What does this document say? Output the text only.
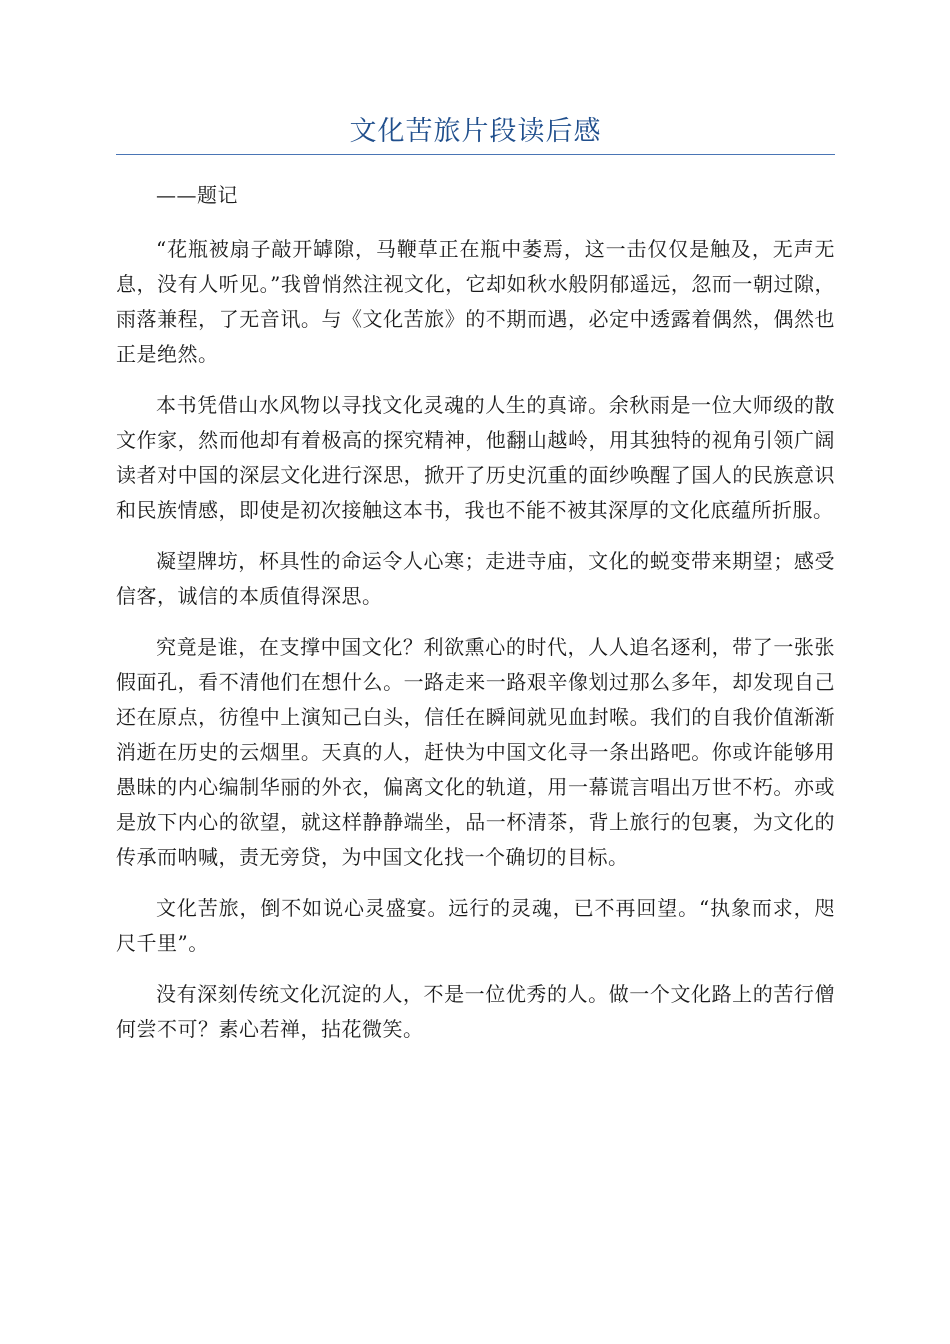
文化苦旅片段读后感

——题记

“花瓶被扇子敲开罅隙，马鞭草正在瓶中萎焉，这一击仅仅是触及，无声无息，没有人听见。”我曾悄然注视文化，它却如秋水般阴郁遥远，忽而一朝过隙，雨落兼程，了无音讯。与《文化苦旅》的不期而遇，必定中透露着偶然，偶然也正是绝然。

本书凭借山水风物以寻找文化灵魂的人生的真谛。余秋雨是一位大师级的散文作家，然而他却有着极高的探究精神，他翻山越岭，用其独特的视角引领广阔读者对中国的深层文化进行深思，掀开了历史沉重的面纱唤醒了国人的民族意识和民族情感，即使是初次接触这本书，我也不能不被其深厚的文化底蕴所折服。

凝望牌坊，杯具性的命运令人心寒；走进寺庙，文化的蜕变带来期望；感受信客，诚信的本质值得深思。

究竟是谁，在支撑中国文化？利欲熏心的时代，人人追名逐利，带了一张张假面孔，看不清他们在想什么。一路走来一路艰辛像划过那么多年，却发现自己还在原点，彷徨中上演知己白头，信任在瞬间就见血封喉。我们的自我价值渐渐消逝在历史的云烟里。天真的人，赶快为中国文化寻一条出路吧。你或许能够用愚昧的内心编制华丽的外衣，偏离文化的轨道，用一幕谎言唱出万世不朽。亦或是放下内心的欲望，就这样静静端坐，品一杯清茶，背上旅行的包裹，为文化的传承而呐喊，责无旁贷，为中国文化找一个确切的目标。

文化苦旅，倒不如说心灵盛宴。远行的灵魂，已不再回望。“执象而求，咫尺千里”。

没有深刻传统文化沉淀的人，不是一位优秀的人。做一个文化路上的苦行僧何尝不可？素心若禅，拈花微笑。
